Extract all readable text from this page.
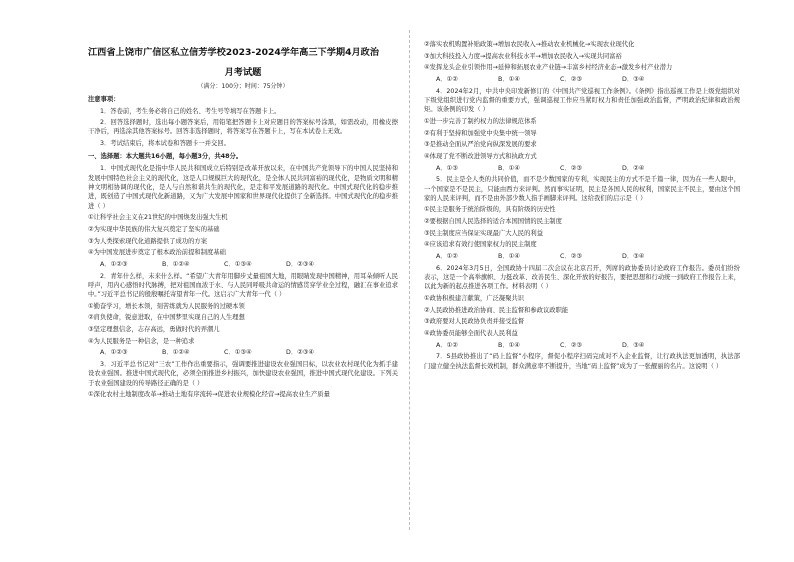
江西省上饶市广信区私立信芳学校2023-2024学年高三下学期4月政治
月考试题
（满分：100分；时间：75分钟）
注意事项：
1．答卷前，考生务必将自己的姓名、考生号等填写在答题卡上。
2．回答选择题时，选出每小题答案后，用铅笔把答题卡上对应题目的答案标号涂黑，如需改动，用橡皮擦干净后，再选涂其他答案标号。回答非选择题时，将答案写在答题卡上，写在本试卷上无效。
3．考试结束后，将本试卷和答题卡一并交回。
一、选择题：本大题共16小题，每小题3分，共48分。
1．中国式现代化是指中华人民共和国成立后特别是改革开放以来，在中国共产党领导下的中国人民坚持和发展中国特色社会主义的现代化，这是人口规模巨大的现代化，是全体人民共同富裕的现代化，是物质文明和精神文明相协调的现代化，是人与自然和谐共生的现代化，是走和平发展道路的现代化。中国式现代化的稳步推进，既创造了中国式现代化新道路，又为广大发展中国家和世界现代化提供了全新选择。中国式现代化的稳步推进（ ）
①让科学社会主义在21世纪的中国焕发出强大生机
②为实现中华民族的伟大复兴奠定了坚实的基础
③为人类探索现代化道路提供了成功的方案
④为中国发展进步奠定了根本政治前提和制度基础
A．①②③	B．①②④	C．①③④	D．②③④
2．青年什么样，未来什么样。“希望广大青年用脚步丈量祖国大地，用眼睛发现中国精神，用耳朵倾听人民呼声，用内心感悟时代脉搏，把对祖国血浓于水、与人民同呼吸共命运的情感贯穿学业全过程，融汇在事业追求中。”习近平总书记的殷殷嘱托寄望青年一代。这启示广大青年一代（ ）
①勤奋学习，增长本领，刻苦练就为人民服务的过硬本领
②肩负使命，锐意进取，在中国梦里实现自己的人生理想
③坚定理想信念，志存高远，勇做时代的弄潮儿
④为人民服务是一种信念，是一种追求
A．①②③	B．①②④	C．①③④	D．②③④
3．习近平总书记对“三农”工作作出重要指示，强调要推进建设农业强国目标，以农业农村现代化为抓手建设农业强国。推进中国式现代化，必须全面推进乡村振兴，加快建设农业强国，推进中国式现代化建设。下列关于农业强国建设的传导路径正确的是（ ）
①深化农村土地制度改革→推动土地有序流转→促进农业规模化经营→提高农业生产质量
②落实农机购置补贴政策→增加农民收入→推动农业机械化→实现农业现代化
③加大科技投入力度→提高农业科技水平→增加农民收入→实现共同富裕
④发挥龙头企业引领作用→延伸和拓展农业产业链→丰富乡村经济业态→激发乡村产业潜力
A．①②	B．①④	C．②③	D．③④
4．2024年2月，中共中央印发新修订的《中国共产党巡视工作条例》。《条例》指出巡视工作是上级党组织对下级党组织进行党内监督的重要方式，强调巡视工作应当紧盯权力和责任加强政治监督，严明政治纪律和政治规矩。该条例的印发（ ）
①进一步完善了制约权力的法律规范体系
②有利于坚持和加强党中央集中统一领导
③是推动全面从严治党向纵深发展的要求
④体现了党不断改进领导方式和执政方式
A．①③	B．①④	C．②③	D．②④
5．民主是全人类的共同价值，而不是少数国家的专利，实现民主的方式不是千篇一律，因为在一些人眼中，一个国家是不是民主，只能由西方来评判。然而事实证明，民主是各国人民的权利，国家民主不民主，要由这个国家的人民来评判，而不是由外部少数人指手画脚来评判。这给我们的启示是（ ）
①民主是服务于统治阶级的，具有阶级的历史性
②要根据自国人民选择的适合本国国情的民主制度
③民主制度应当保证实现最广大人民的利益
④应该追求有效行使国家权力的民主制度
A．①②	B．①④	C．②③	D．③④
6．2024年3月5日，全国政协十四届二次会议在北京召开，列席的政协委员讨论政府工作报告。委员们纷纷表示，这是一个高举旗帜、力挺改革、改善民生、深化开放的好报告，要把思想和行动统一到政府工作报告上来，以此为新的起点推进各项工作。材料表明（ ）
①政协积极建言献策，广泛凝聚共识
②人民政协推进政治协商、民主监督和参政议政职能
③政府要对人民政协负责并接受监督
④政协委员能够全面代表人民利益
A．①②	B．①④	C．②③	D．③④
7．S县政协推出了“码上监督”小程序，督促小程序扫码完成对不入企业监督，让行政执法更加透明，执法部门建立健全执法监督长效机制，群众满意率不断提升，当地“码上监督”成为了一张靓丽的名片。这说明（ ）
